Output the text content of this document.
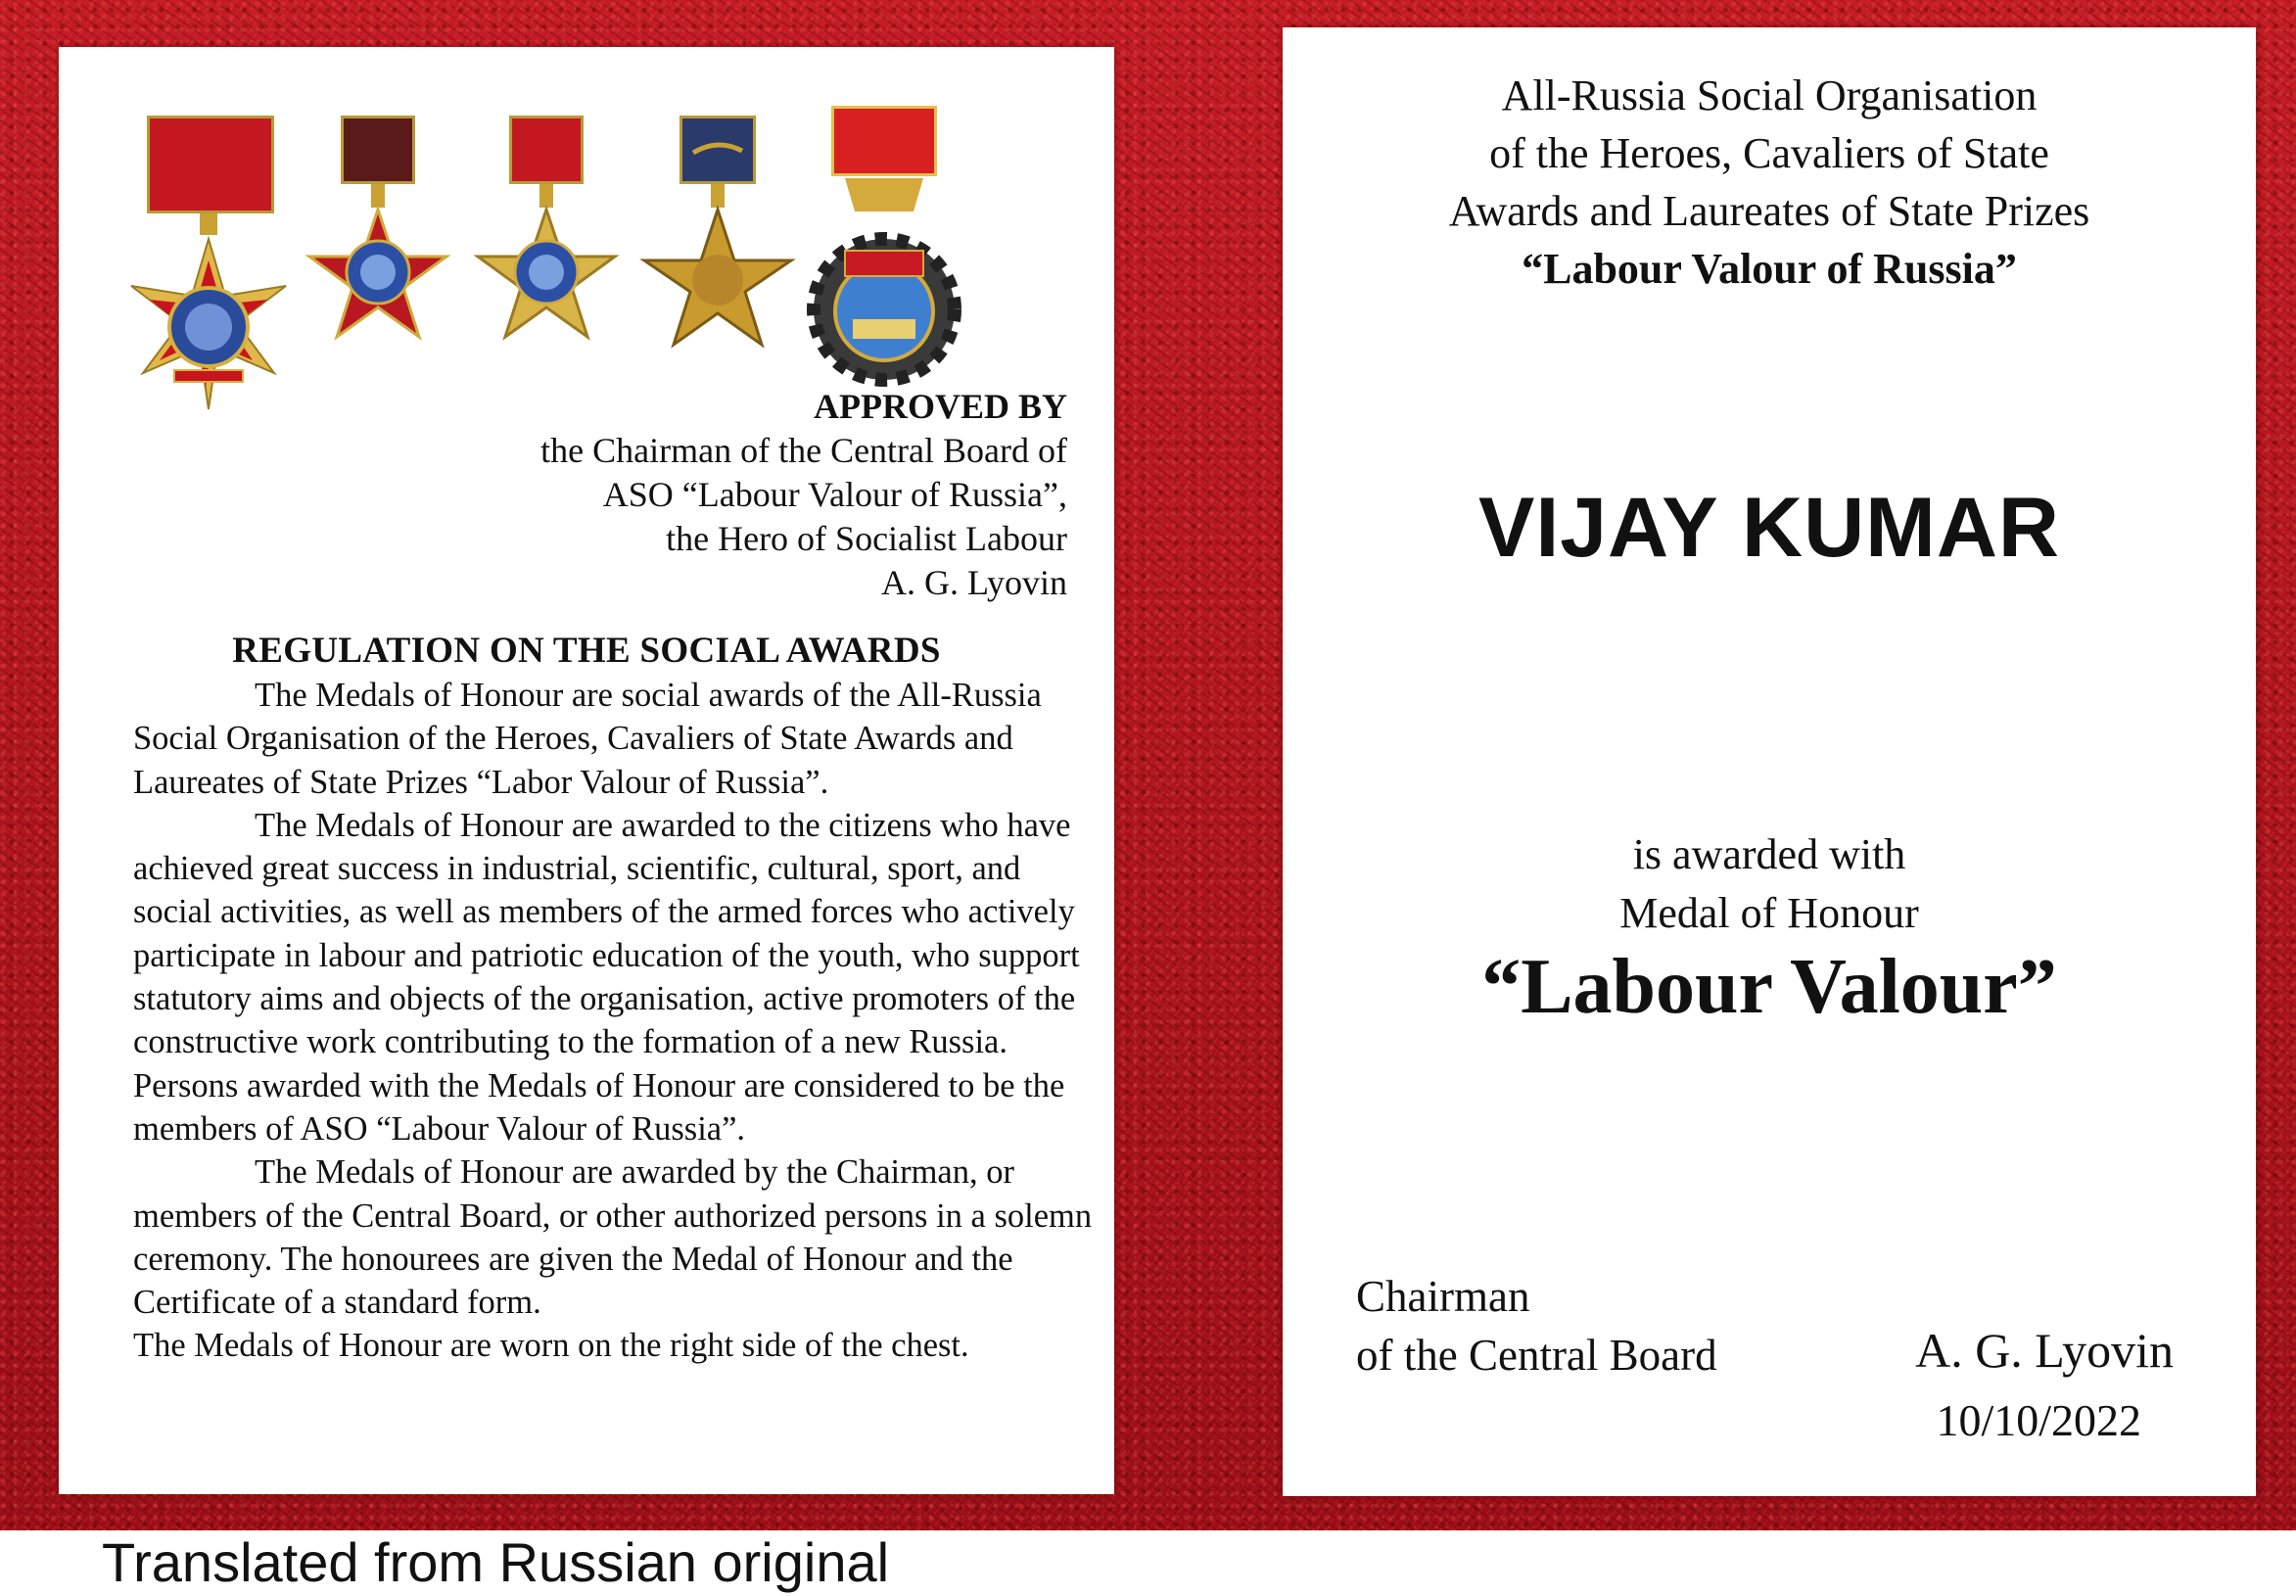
APPROVED BY
the Chairman of the Central Board of
ASO “Labour Valour of Russia”,
the Hero of Socialist Labour
A. G. Lyovin
REGULATION ON THE SOCIAL AWARDS

The Medals of Honour are social awards of the All-Russia Social Organisation of the Heroes, Cavaliers of State Awards and Laureates of State Prizes “Labor Valour of Russia”.

The Medals of Honour are awarded to the citizens who have achieved great success in industrial, scientific, cultural, sport, and social activities, as well as members of the armed forces who actively participate in labour and patriotic education of the youth, who support statutory aims and objects of the organisation, active promoters of the constructive work contributing to the formation of a new Russia.

Persons awarded with the Medals of Honour are considered to be the members of ASO “Labour Valour of Russia”.

The Medals of Honour are awarded by the Chairman, or members of the Central Board, or other authorized persons in a solemn ceremony. The honourees are given the Medal of Honour and the Certificate of a standard form.

The Medals of Honour are worn on the right side of the chest.

All-Russia Social Organisation
of the Heroes, Cavaliers of State
Awards and Laureates of State Prizes
“Labour Valour of Russia”
VIJAY KUMAR
is awarded with
Medal of Honour
“Labour Valour”
Chairman
of the Central Board	A. G. Lyovin
10/10/2022
Translated from Russian original
